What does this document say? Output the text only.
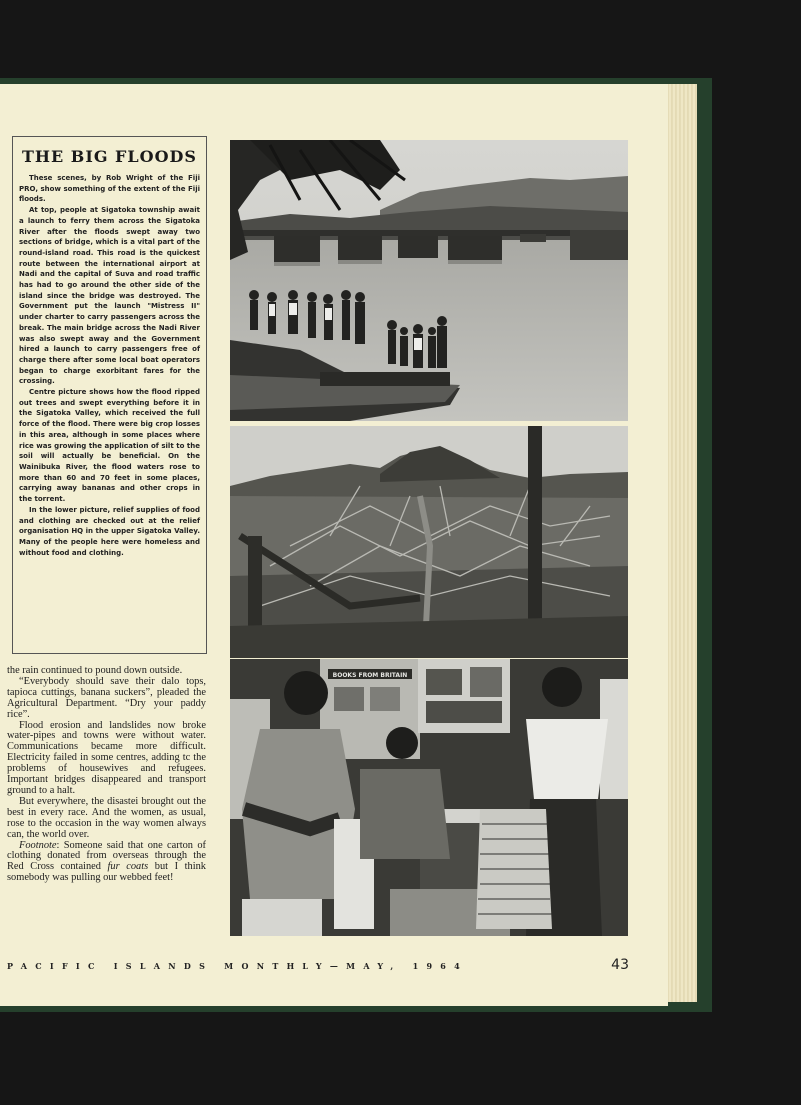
THE BIG FLOODS

These scenes, by Rob Wright of the Fiji PRO, show something of the extent of the Fiji floods.

At top, people at Sigatoka township await a launch to ferry them across the Sigatoka River after the floods swept away two sections of bridge, which is a vital part of the round-island road. This road is the quickest route between the international airport at Nadi and the capital of Suva and road traffic has had to go around the other side of the island since the bridge was destroyed. The Government put the launch "Mistress II" under charter to carry passengers across the break. The main bridge across the Nadi River was also swept away and the Government hired a launch to carry passengers free of charge there after some local boat operators began to charge exorbitant fares for the crossing.

Centre picture shows how the flood ripped out trees and swept everything before it in the Sigatoka Valley, which received the full force of the flood. There were big crop losses in this area, although in some places where rice was growing the application of silt to the soil will actually be beneficial. On the Wainibuka River, the flood waters rose to more than 60 and 70 feet in some places, carrying away bananas and other crops in the torrent.

In the lower picture, relief supplies of food and clothing are checked out at the relief organisation HQ in the upper Sigatoka Valley. Many of the people here were homeless and without food and clothing.

the rain continued to pound down outside.

“Everybody should save their dalo tops, tapioca cuttings, banana suckers”, pleaded the Agricultural Department. “Dry your paddy rice”.

Flood erosion and landslides now broke water-pipes and towns were without water. Communications became more difficult. Electricity failed in some centres, adding tc the problems of housewives and refugees. Important bridges disappeared and transport ground to a halt.

But everywhere, the disastei brought out the best in every race. And the women, as usual, rose to the occasion in the way women always can, the world over.

Footnote: Someone said that one carton of clothing donated from overseas through the Red Cross contained fur coats but I think somebody was pulling our webbed feet!

BOOKS FROM BRITAIN
PACIFIC ISLANDS MONTHLY—MAY, 1964	43
